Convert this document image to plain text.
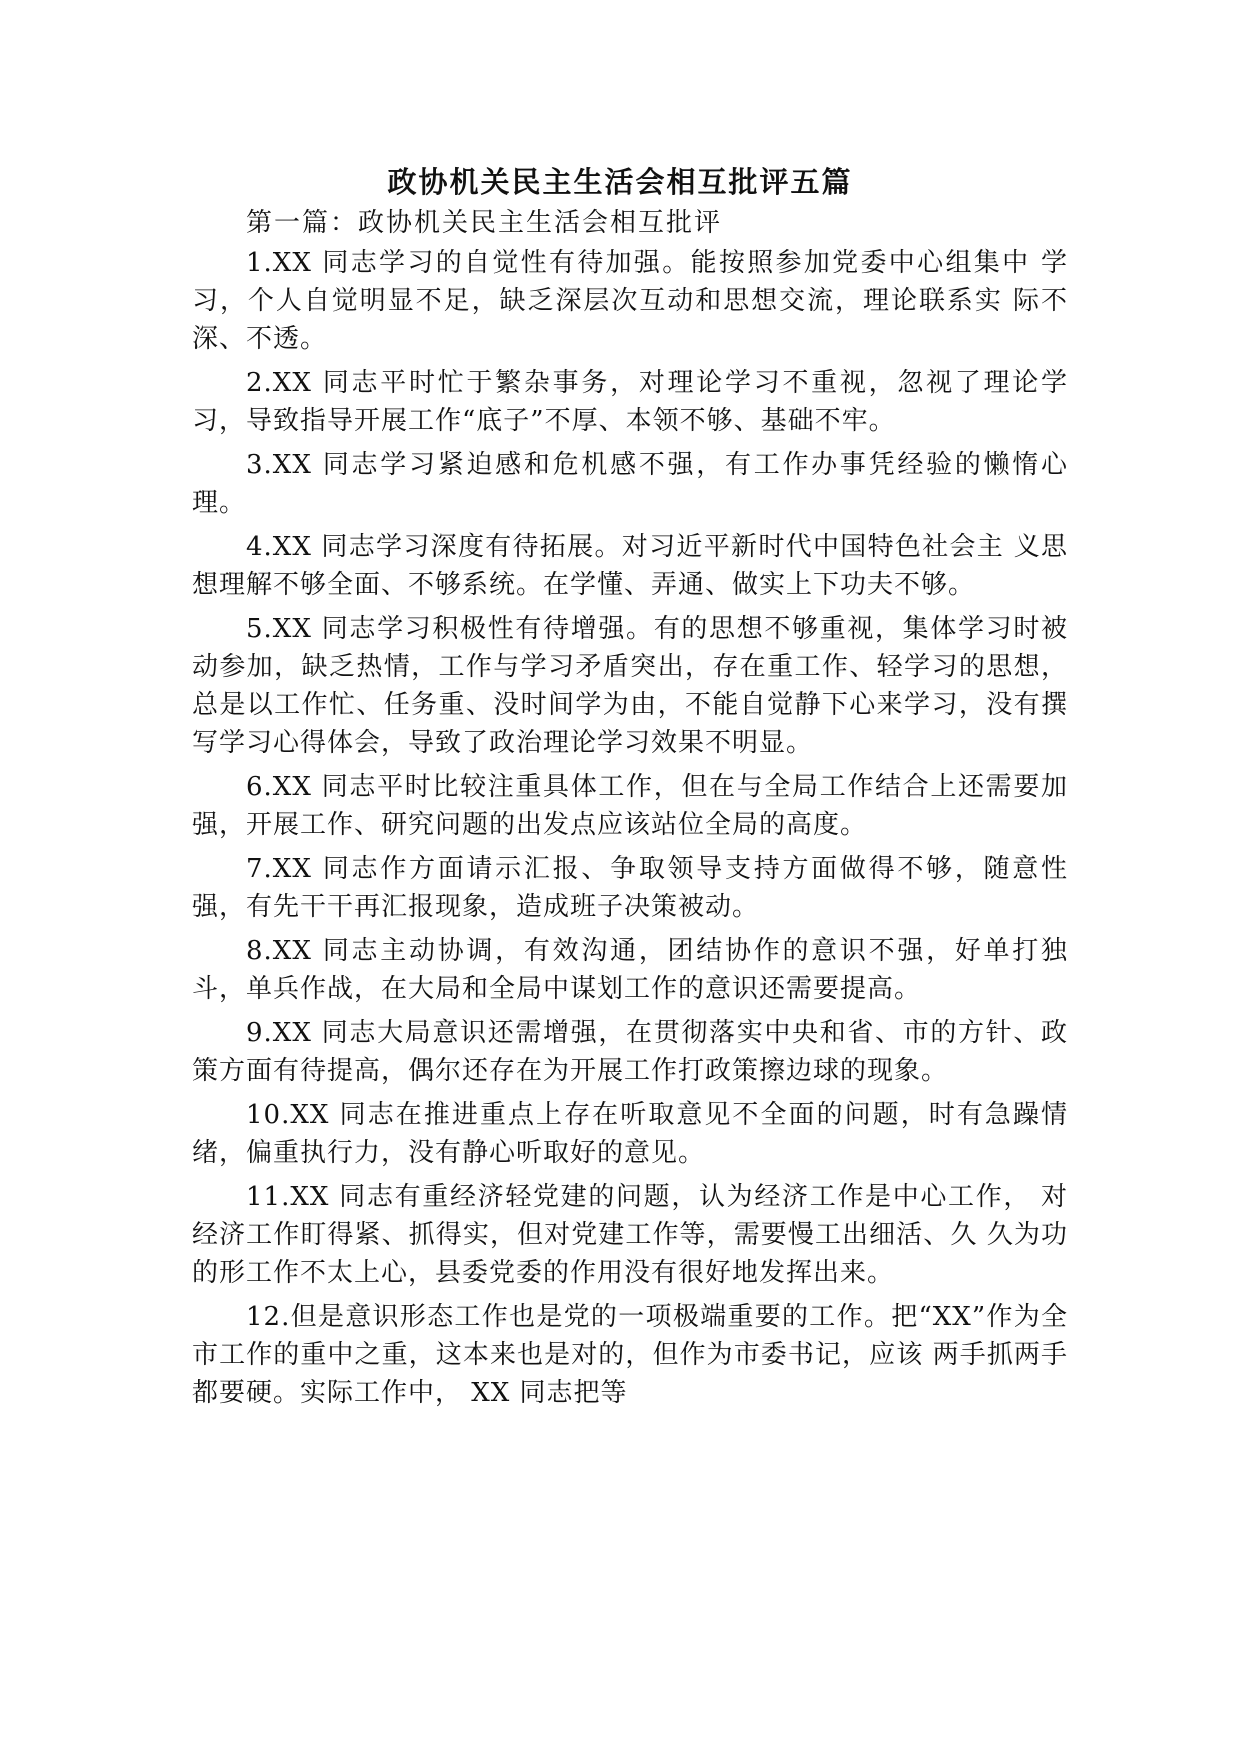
政协机关民主生活会相互批评五篇
第一篇：政协机关民主生活会相互批评

1.XX 同志学习的自觉性有待加强。能按照参加党委中心组集中 学习，个人自觉明显不足，缺乏深层次互动和思想交流，理论联系实 际不深、不透。

2.XX 同志平时忙于繁杂事务，对理论学习不重视，忽视了理论学习，导致指导开展工作“底子”不厚、本领不够、基础不牢。

3.XX 同志学习紧迫感和危机感不强，有工作办事凭经验的懒惰心理。

4.XX 同志学习深度有待拓展。对习近平新时代中国特色社会主 义思想理解不够全面、不够系统。在学懂、弄通、做实上下功夫不够。

5.XX 同志学习积极性有待增强。有的思想不够重视，集体学习时被动参加，缺乏热情，工作与学习矛盾突出，存在重工作、轻学习的思想，总是以工作忙、任务重、没时间学为由，不能自觉静下心来学习，没有撰写学习心得体会，导致了政治理论学习效果不明显。

6.XX 同志平时比较注重具体工作，但在与全局工作结合上还需要加强，开展工作、研究问题的出发点应该站位全局的高度。

7.XX 同志作方面请示汇报、争取领导支持方面做得不够，随意性强，有先干干再汇报现象，造成班子决策被动。

8.XX 同志主动协调，有效沟通，团结协作的意识不强，好单打独斗，单兵作战，在大局和全局中谋划工作的意识还需要提高。

9.XX 同志大局意识还需增强，在贯彻落实中央和省、市的方针、政策方面有待提高，偶尔还存在为开展工作打政策擦边球的现象。

10.XX 同志在推进重点上存在听取意见不全面的问题，时有急躁情绪，偏重执行力，没有静心听取好的意见。

11.XX 同志有重经济轻党建的问题，认为经济工作是中心工作， 对经济工作盯得紧、抓得实，但对党建工作等，需要慢工出细活、久 久为功的形工作不太上心，县委党委的作用没有很好地发挥出来。

12.但是意识形态工作也是党的一项极端重要的工作。把“XX”作为全市工作的重中之重，这本来也是对的，但作为市委书记，应该 两手抓两手都要硬。实际工作中， XX 同志把等
